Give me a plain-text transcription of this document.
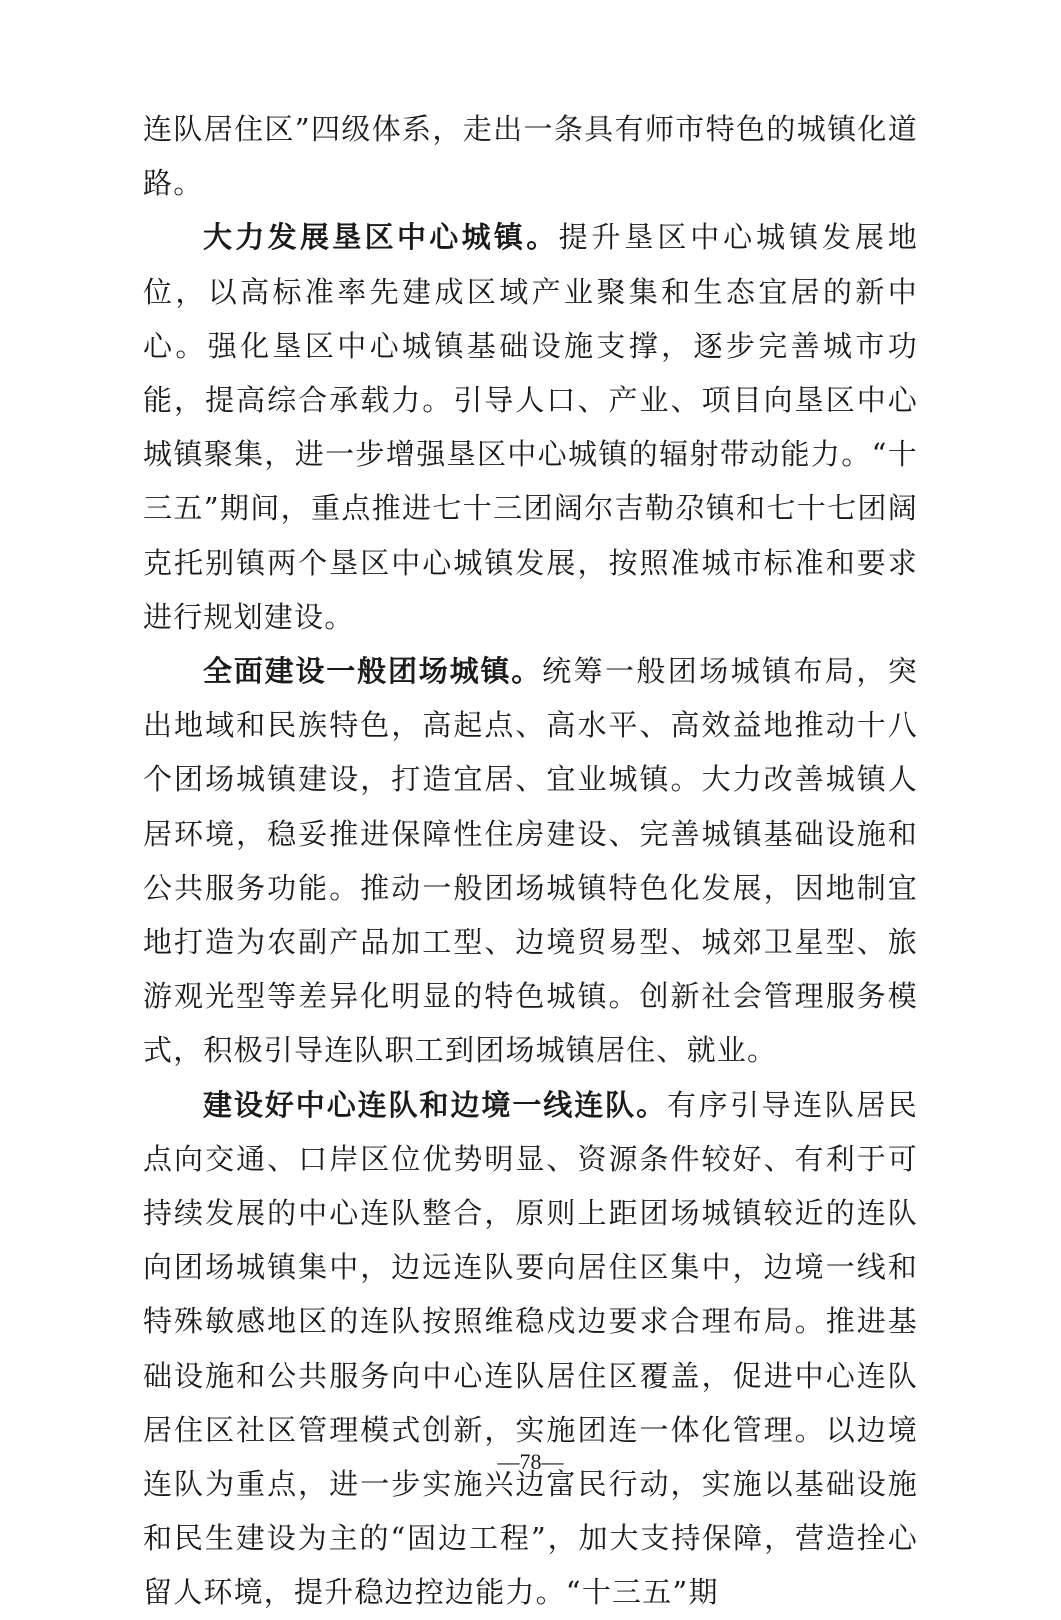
连队居住区”四级体系，走出一条具有师市特色的城镇化道路。

大力发展垦区中心城镇。提升垦区中心城镇发展地位，以高标准率先建成区域产业聚集和生态宜居的新中心。强化垦区中心城镇基础设施支撑，逐步完善城市功能，提高综合承载力。引导人口、产业、项目向垦区中心城镇聚集，进一步增强垦区中心城镇的辐射带动能力。“十三五”期间，重点推进七十三团阔尔吉勒尕镇和七十七团阔克托别镇两个垦区中心城镇发展，按照准城市标准和要求进行规划建设。

全面建设一般团场城镇。统筹一般团场城镇布局，突出地域和民族特色，高起点、高水平、高效益地推动十八个团场城镇建设，打造宜居、宜业城镇。大力改善城镇人居环境，稳妥推进保障性住房建设、完善城镇基础设施和公共服务功能。推动一般团场城镇特色化发展，因地制宜地打造为农副产品加工型、边境贸易型、城郊卫星型、旅游观光型等差异化明显的特色城镇。创新社会管理服务模式，积极引导连队职工到团场城镇居住、就业。

建设好中心连队和边境一线连队。有序引导连队居民点向交通、口岸区位优势明显、资源条件较好、有利于可持续发展的中心连队整合，原则上距团场城镇较近的连队向团场城镇集中，边远连队要向居住区集中，边境一线和特殊敏感地区的连队按照维稳戍边要求合理布局。推进基础设施和公共服务向中心连队居住区覆盖，促进中心连队居住区社区管理模式创新，实施团连一体化管理。以边境连队为重点，进一步实施兴边富民行动，实施以基础设施和民生建设为主的“固边工程”，加大支持保障，营造拴心留人环境，提升稳边控边能力。“十三五”期

—78—
